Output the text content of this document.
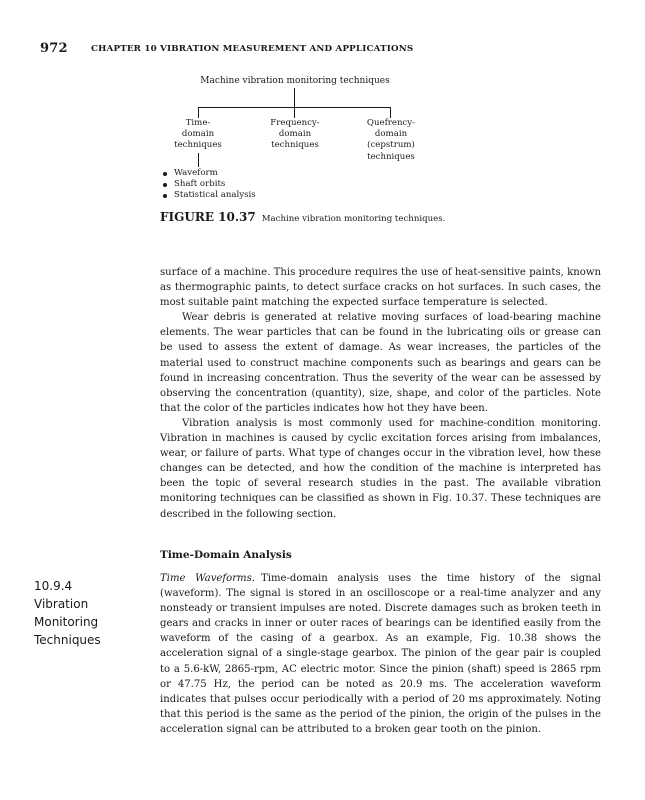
972	CHAPTER 10 VIBRATION MEASUREMENT AND APPLICATIONS
Machine vibration monitoring techniques
Time-
domain
techniques
Frequency-
domain
techniques
Quefrency-
domain
(cepstrum)
techniques
Waveform
Shaft orbits
Statistical analysis
FIGURE 10.37 Machine vibration monitoring techniques.

surface of a machine. This procedure requires the use of heat-sensitive paints, known as thermographic paints, to detect surface cracks on hot surfaces. In such cases, the most suitable paint matching the expected surface temperature is selected.

Wear debris is generated at relative moving surfaces of load-bearing machine elements. The wear particles that can be found in the lubricating oils or grease can be used to assess the extent of damage. As wear increases, the particles of the material used to construct machine components such as bearings and gears can be found in increasing concentration. Thus the severity of the wear can be assessed by observing the concentration (quantity), size, shape, and color of the particles. Note that the color of the particles indicates how hot they have been.

Vibration analysis is most commonly used for machine-condition monitoring. Vibration in machines is caused by cyclic excitation forces arising from imbalances, wear, or failure of parts. What type of changes occur in the vibration level, how these changes can be detected, and how the condition of the machine is interpreted has been the topic of several research studies in the past. The available vibration monitoring techniques can be classified as shown in Fig. 10.37. These techniques are described in the following section.

Time-Domain Analysis
10.9.4
Vibration
Monitoring
Techniques

Time Waveforms. Time-domain analysis uses the time history of the signal (waveform). The signal is stored in an oscilloscope or a real-time analyzer and any nonsteady or transient impulses are noted. Discrete damages such as broken teeth in gears and cracks in inner or outer races of bearings can be identified easily from the waveform of the casing of a gearbox. As an example, Fig. 10.38 shows the acceleration signal of a single-stage gearbox. The pinion of the gear pair is coupled to a 5.6-kW, 2865-rpm, AC electric motor. Since the pinion (shaft) speed is 2865 rpm or 47.75 Hz, the period can be noted as 20.9 ms. The acceleration waveform indicates that pulses occur periodically with a period of 20 ms approximately. Noting that this period is the same as the period of the pinion, the origin of the pulses in the acceleration signal can be attributed to a broken gear tooth on the pinion.
